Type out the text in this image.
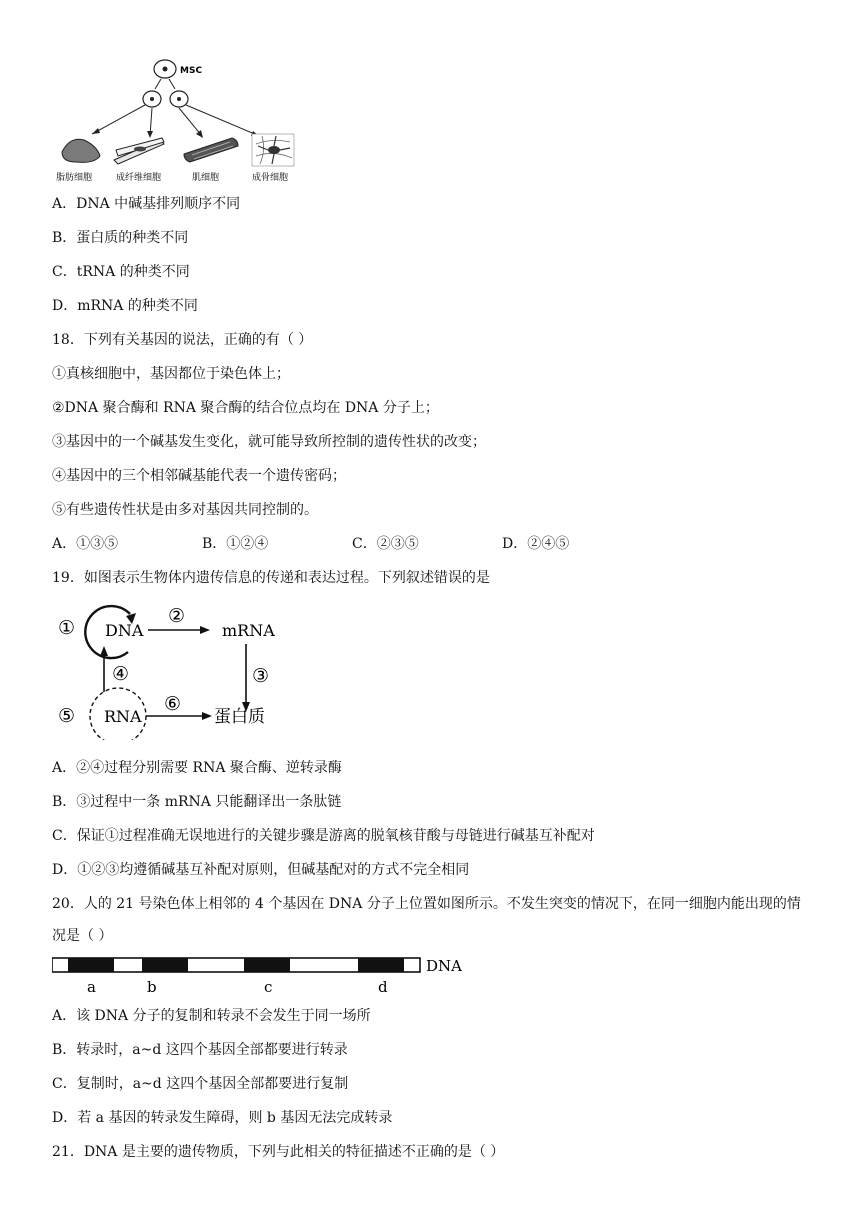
MSC
脂肪细胞	成纤维细胞	肌细胞	成骨细胞
A．DNA 中碱基排列顺序不同
B．蛋白质的种类不同
C．tRNA 的种类不同
D．mRNA 的种类不同
18．下列有关基因的说法，正确的有（ ）
①真核细胞中，基因都位于染色体上；
②DNA 聚合酶和 RNA 聚合酶的结合位点均在 DNA 分子上；
③基因中的一个碱基发生变化，就可能导致所控制的遗传性状的改变；
④基因中的三个相邻碱基能代表一个遗传密码；
⑤有些遗传性状是由多对基因共同控制的。
A．①③⑤	B．①②④	C．②③⑤	D．②④⑤
19．如图表示生物体内遗传信息的传递和表达过程。下列叙述错误的是
① DNA
②
mRNA
③
④
⑤ RNA
⑥
蛋白质
A．②④过程分别需要 RNA 聚合酶、逆转录酶
B．③过程中一条 mRNA 只能翻译出一条肽链
C．保证①过程准确无误地进行的关键步骤是游离的脱氧核苷酸与母链进行碱基互补配对
D．①②③均遵循碱基互补配对原则，但碱基配对的方式不完全相同
20．人的 21 号染色体上相邻的 4 个基因在 DNA 分子上位置如图所示。不发生突变的情况下，在同一细胞内能出现的情况是（ ）
DNA
a	b	c	d
A．该 DNA 分子的复制和转录不会发生于同一场所
B．转录时，a~d 这四个基因全部都要进行转录
C．复制时，a~d 这四个基因全部都要进行复制
D．若 a 基因的转录发生障碍，则 b 基因无法完成转录
21．DNA 是主要的遗传物质，下列与此相关的特征描述不正确的是（ ）
